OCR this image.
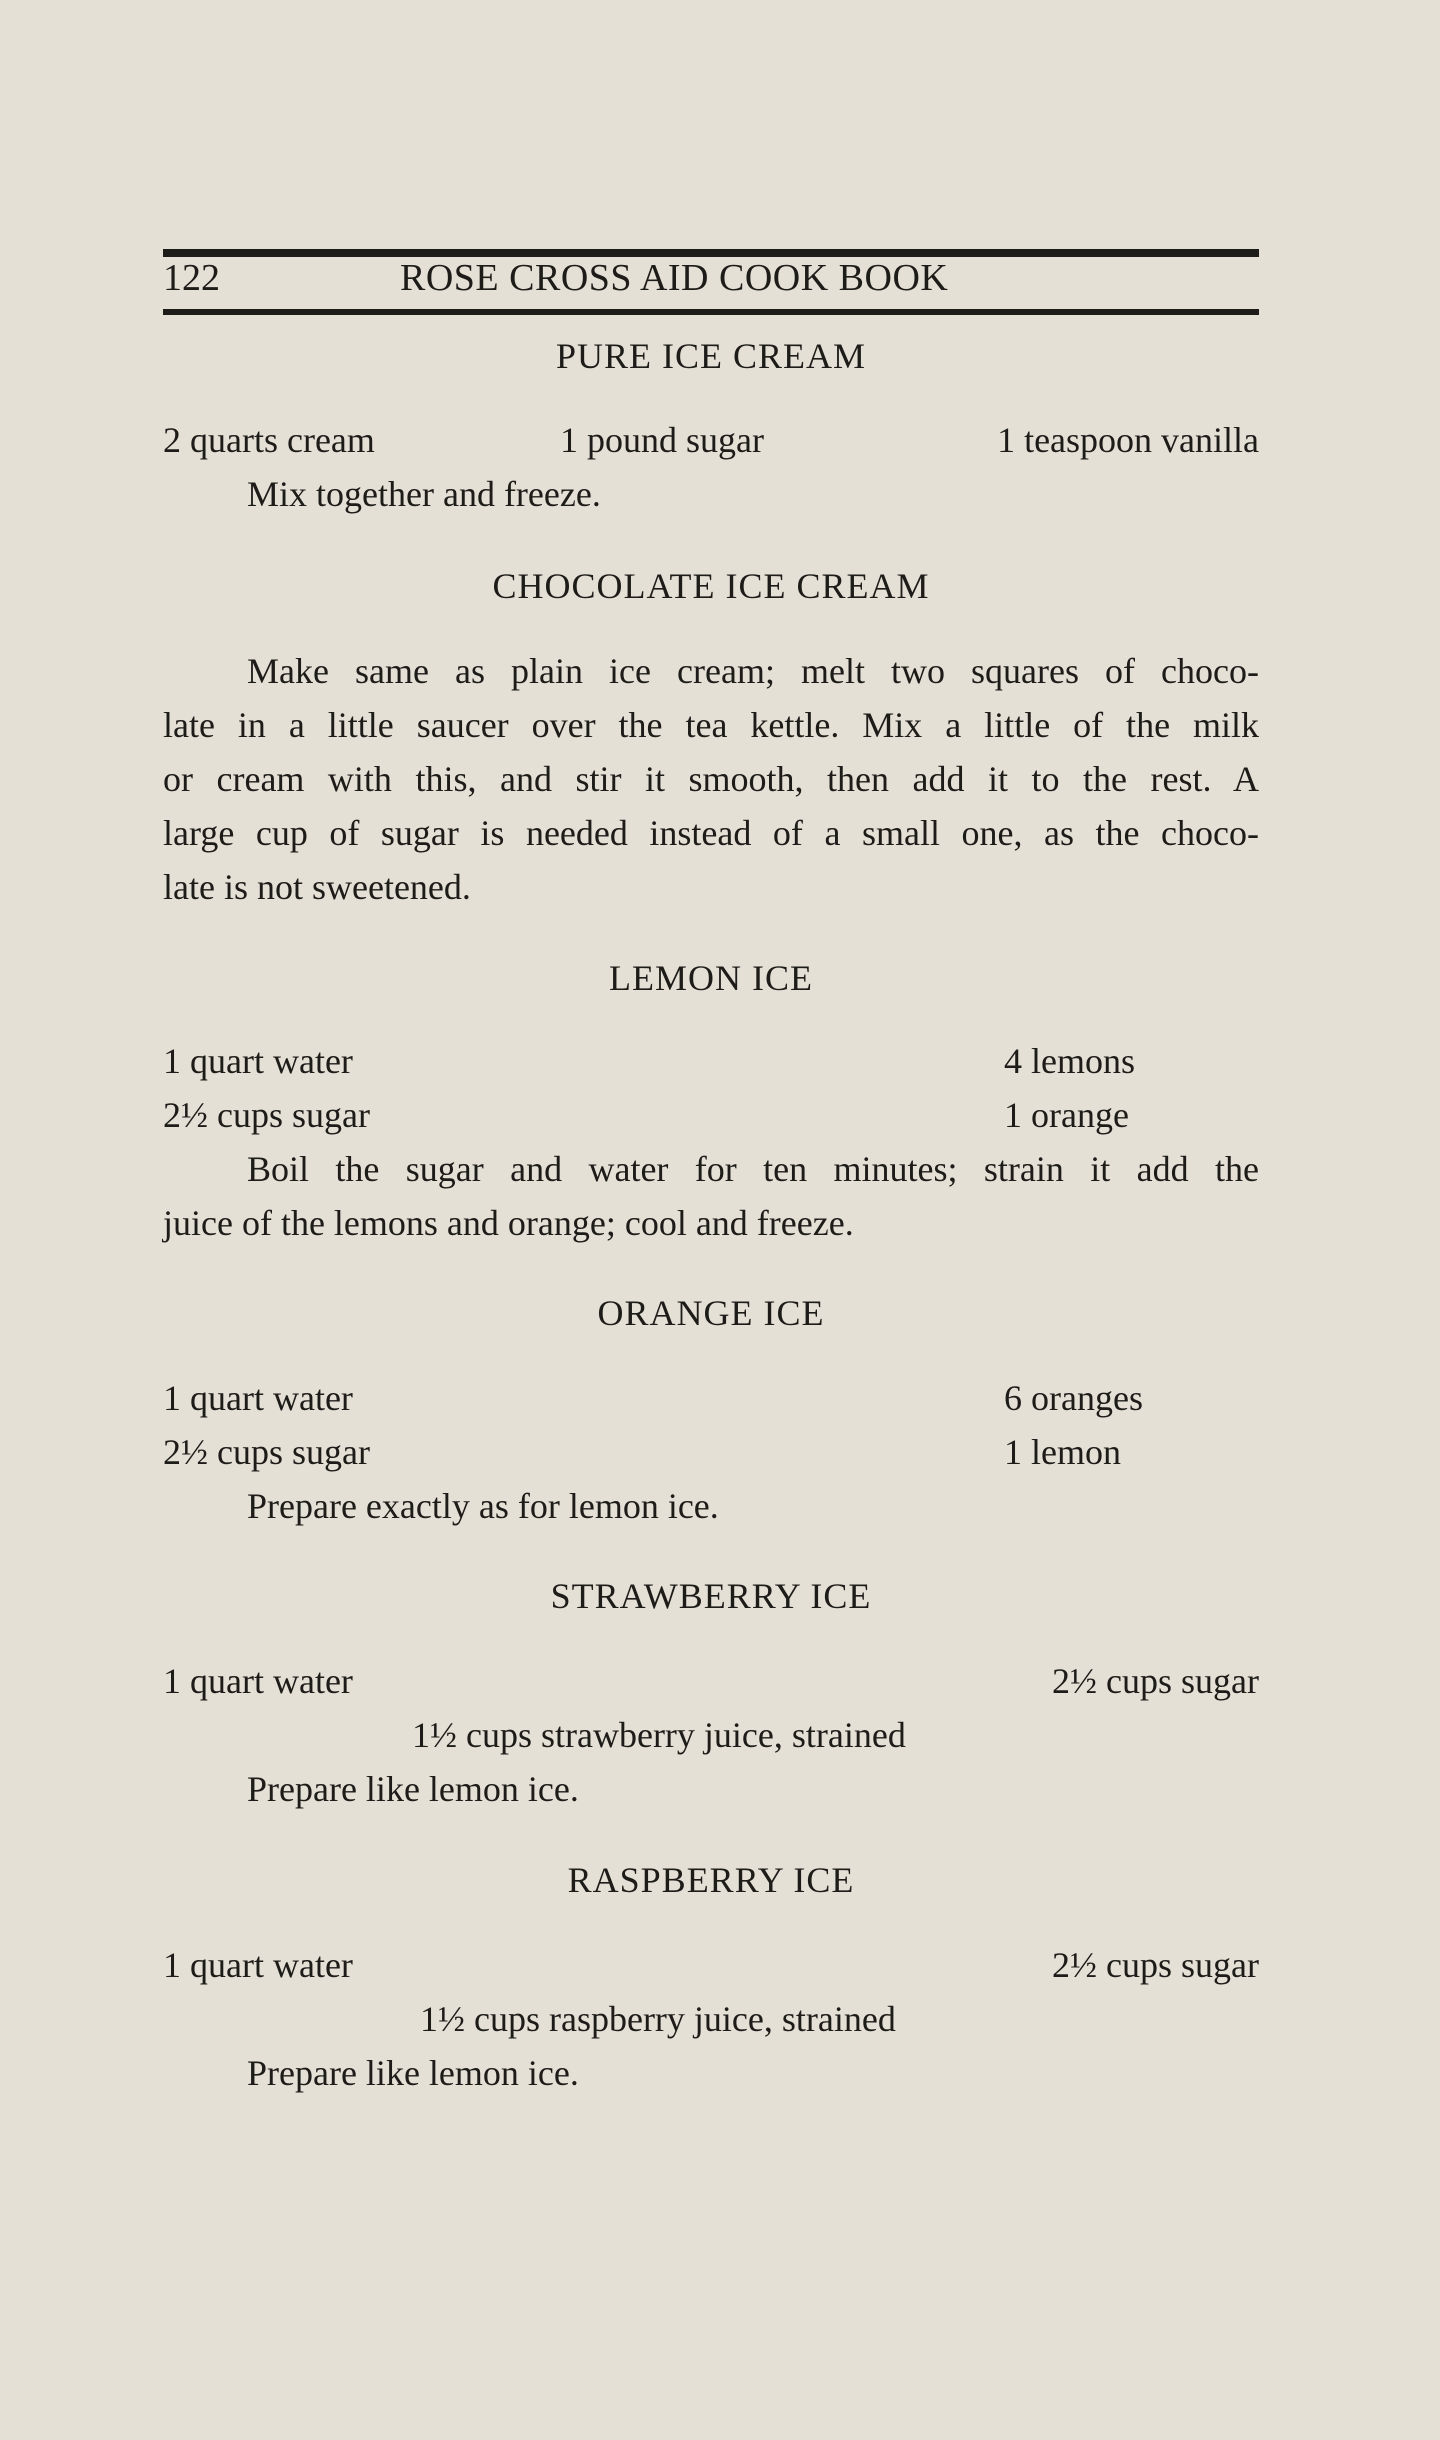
122	ROSE CROSS AID COOK BOOK
PURE ICE CREAM
2 quarts cream	1 pound sugar	1 teaspoon vanilla
Mix together and freeze.
CHOCOLATE ICE CREAM
Make same as plain ice cream; melt two squares of choco-
late in a little saucer over the tea kettle. Mix a little of the milk
or cream with this, and stir it smooth, then add it to the rest. A
large cup of sugar is needed instead of a small one, as the choco-
late is not sweetened.
LEMON ICE
1 quart water	4 lemons
2½ cups sugar	1 orange
Boil the sugar and water for ten minutes; strain it add the
juice of the lemons and orange; cool and freeze.
ORANGE ICE
1 quart water	6 oranges
2½ cups sugar	1 lemon
Prepare exactly as for lemon ice.
STRAWBERRY ICE
1 quart water	2½ cups sugar
1½ cups strawberry juice, strained
Prepare like lemon ice.
RASPBERRY ICE
1 quart water	2½ cups sugar
1½ cups raspberry juice, strained
Prepare like lemon ice.
